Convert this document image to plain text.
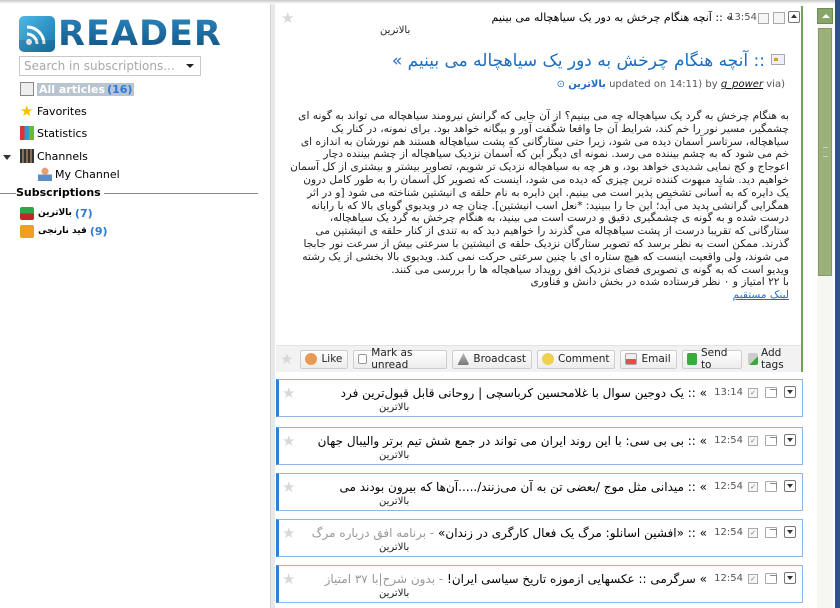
READER
Search in subscriptions...
All articles (16)
★ Favorites
Statistics
Channels
My Channel
Subscriptions
بالاترین (7)
قید نارنجی (9)
★	» :: آنچه هنگام چرخش به دور یک سیاهچاله می بینیم
13:54
بالاترین
:: آنچه هنگام چرخش به دور یک سیاهچاله می بینیم »
⊙ بالاترین updated on 14:11) by g_power via)

به هنگام چرخش به گرد یک سیاهچاله چه می بینیم؟ از آن جایی که گرانش نیرومند سیاهچاله می تواند به گونه ای چشمگیر، مسیر نور را خم کند، شرایط آن جا واقعا شگفت آور و بیگانه خواهد بود. برای نمونه، در کنار یک سیاهچاله، سرتاسر آسمان دیده می شود، زیرا حتی ستارگانی که پشت سیاهچاله هستند هم نورشان به اندازه ای خم می شود که به چشم بیننده می رسد. نمونه ای دیگر این که آسمان نزدیک سیاهچاله از چشم بیننده دچار اعوجاج و کج نمایی شدیدی خواهد بود، و هر چه به سیاهچاله نزدیک تر شویم، تصاویر بیشتر و بیشتری از کل آسمان خواهیم دید. شاید مبهوت کننده ترین چیزی که دیده می شود، اینست که تصویر کل آسمان را به طور کامل درون یک دایره که به آسانی تشخیص پذیر است می بینیم. این دایره به نام حلقه ی انیشتین شناخته می شود [و در اثر همگرایی گرانشی پدید می آید؛ این جا را ببینید: *نعل اسب انیشتین]. چنان چه در ویدیوی گویای بالا که با رایانه درست شده و به گونه ی چشمگیری دقیق و درست است می بینید، به هنگام چرخش به گرد یک سیاهچاله، ستارگانی که تقریبا درست از پشت سیاهچاله می گذرند را خواهیم دید که به تندی از کنار حلقه ی انیشتین می گذرند. ممکن است به نظر برسد که تصویر ستارگان نزدیک حلقه ی انیشتین با سرعتی بیش از سرعت نور جابجا می شوند، ولی واقعیت اینست که هیچ ستاره ای با چنین سرعتی حرکت نمی کند. ویدیوی بالا بخشی از یک رشته ویدیو است که به گونه ی تصویری فضای نزدیک افق رویداد سیاهچاله ها را بررسی می کنند.

با ۲۲ امتیاز و ۰ نظر فرستاده شده در بخش دانش و فناوری

لینک مستقیم

★	Like	Mark as unread	Broadcast	Comment	Email	Send to
Add tags
★	» :: یک دوجین سوال با غلامحسین کرباسچی | روحانی قابل قبول‌ترین فرد
بالاترین
13:14 ✓
★	» :: بی بی سی: با این روند ایران می تواند در جمع شش تیم برتر والیبال جهان
بالاترین
12:54 ✓
★	» :: میدانی مثل موج /بعضی تن به آن می‌زنند/.....آن‌ها که بیرون بودند می
بالاترین
12:54 ✓
★	» :: «افشین اسانلو: مرگ یک فعال کارگری در زندان» - برنامه افق درباره مرگ
بالاترین
12:54 ✓
★	» سرگرمی :: عکسهایی ازموزه تاریخ سیاسی ایران! - بدون شرح|با ۳۷ امتیاز
بالاترین
12:54 ✓
